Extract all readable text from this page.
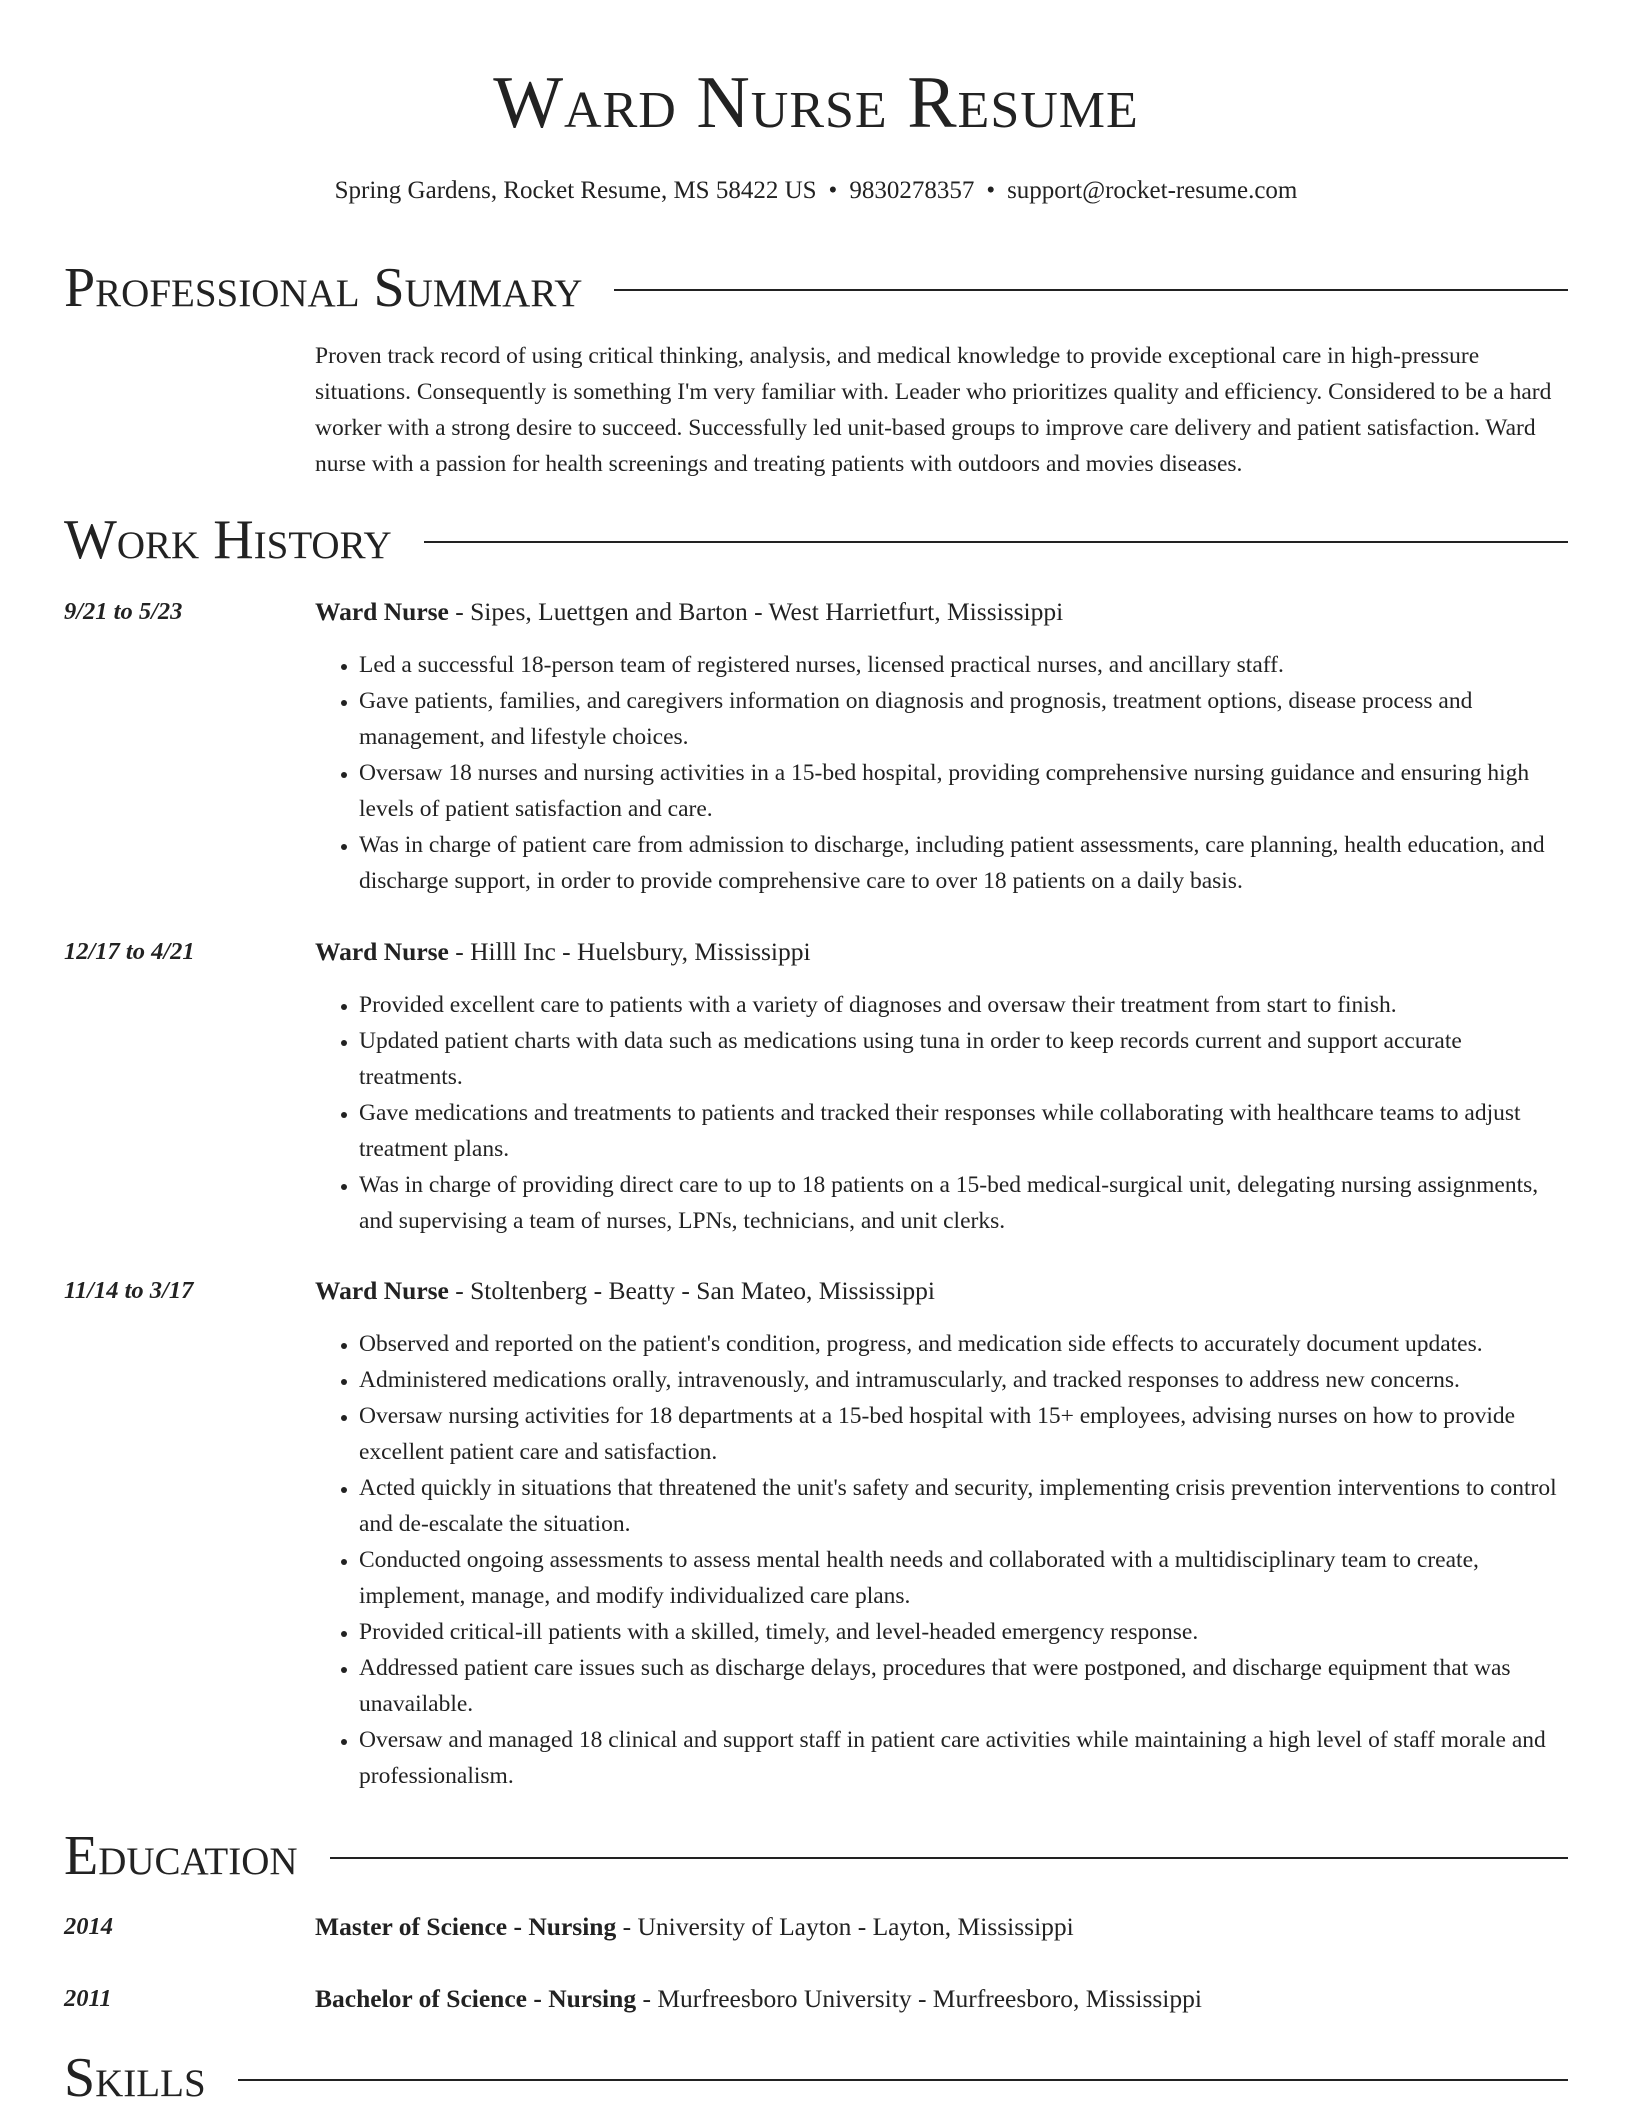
Ward Nurse Resume
Spring Gardens, Rocket Resume, MS 58422 US • 9830278357 • support@rocket-resume.com
Professional Summary
Proven track record of using critical thinking, analysis, and medical knowledge to provide exceptional care in high-pressure situations. Consequently is something I'm very familiar with. Leader who prioritizes quality and efficiency. Considered to be a hard worker with a strong desire to succeed. Successfully led unit-based groups to improve care delivery and patient satisfaction. Ward nurse with a passion for health screenings and treating patients with outdoors and movies diseases.
Work History
9/21 to 5/23	Ward Nurse - Sipes, Luettgen and Barton - West Harrietfurt, Mississippi
• Led a successful 18-person team of registered nurses, licensed practical nurses, and ancillary staff.
• Gave patients, families, and caregivers information on diagnosis and prognosis, treatment options, disease process and management, and lifestyle choices.
• Oversaw 18 nurses and nursing activities in a 15-bed hospital, providing comprehensive nursing guidance and ensuring high levels of patient satisfaction and care.
• Was in charge of patient care from admission to discharge, including patient assessments, care planning, health education, and discharge support, in order to provide comprehensive care to over 18 patients on a daily basis.
12/17 to 4/21	Ward Nurse - Hilll Inc - Huelsbury, Mississippi
• Provided excellent care to patients with a variety of diagnoses and oversaw their treatment from start to finish.
• Updated patient charts with data such as medications using tuna in order to keep records current and support accurate treatments.
• Gave medications and treatments to patients and tracked their responses while collaborating with healthcare teams to adjust treatment plans.
• Was in charge of providing direct care to up to 18 patients on a 15-bed medical-surgical unit, delegating nursing assignments, and supervising a team of nurses, LPNs, technicians, and unit clerks.
11/14 to 3/17	Ward Nurse - Stoltenberg - Beatty - San Mateo, Mississippi
• Observed and reported on the patient's condition, progress, and medication side effects to accurately document updates.
• Administered medications orally, intravenously, and intramuscularly, and tracked responses to address new concerns.
• Oversaw nursing activities for 18 departments at a 15-bed hospital with 15+ employees, advising nurses on how to provide excellent patient care and satisfaction.
• Acted quickly in situations that threatened the unit's safety and security, implementing crisis prevention interventions to control and de-escalate the situation.
• Conducted ongoing assessments to assess mental health needs and collaborated with a multidisciplinary team to create, implement, manage, and modify individualized care plans.
• Provided critical-ill patients with a skilled, timely, and level-headed emergency response.
• Addressed patient care issues such as discharge delays, procedures that were postponed, and discharge equipment that was unavailable.
• Oversaw and managed 18 clinical and support staff in patient care activities while maintaining a high level of staff morale and professionalism.
Education
2014	Master of Science - Nursing - University of Layton - Layton, Mississippi
2011	Bachelor of Science - Nursing - Murfreesboro University - Murfreesboro, Mississippi
Skills
